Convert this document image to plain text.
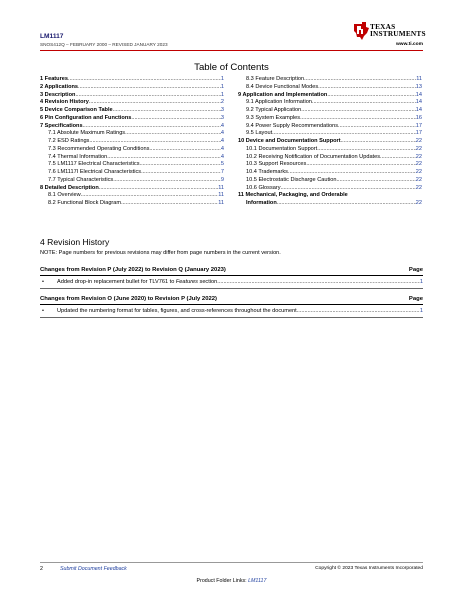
LM1117
SNOS412Q – FEBRUARY 2000 – REVISED JANUARY 2023
TEXAS
INSTRUMENTS
www.ti.com
Table of Contents
1 Features .....	1
2 Applications .....	1
3 Description .....	1
4 Revision History .....	2
5 Device Comparison Table .....	3
6 Pin Configuration and Functions .....	3
7 Specifications .....	4
7.1 Absolute Maximum Ratings .....	4
7.2 ESD Ratings .....	4
7.3 Recommended Operating Conditions .....	4
7.4 Thermal Information .....	4
7.5 LM1117 Electrical Characteristics .....	5
7.6 LM1117I Electrical Characteristics .....	7
7.7 Typical Characteristics .....	9
8 Detailed Description .....	11
8.1 Overview .....	11
8.2 Functional Block Diagram .....	11
8.3 Feature Description .....	11
8.4 Device Functional Modes .....	13
9 Application and Implementation .....	14
9.1 Application Information .....	14
9.2 Typical Application .....	14
9.3 System Examples .....	16
9.4 Power Supply Recommendations .....	17
9.5 Layout .....	17
10 Device and Documentation Support .....	22
10.1 Documentation Support .....	22
10.2 Receiving Notification of Documentation Updates .....	22
10.3 Support Resources .....	22
10.4 Trademarks .....	22
10.5 Electrostatic Discharge Caution .....	22
10.6 Glossary .....	22
11 Mechanical, Packaging, and Orderable
Information .....	22
4 Revision History
NOTE: Page numbers for previous revisions may differ from page numbers in the current version.
Changes from Revision P (July 2022) to Revision Q (January 2023)	Page
•	Added drop-in replacement bullet for TLV761 to Features section .....	1
Changes from Revision O (June 2020) to Revision P (July 2022)	Page
•	Updated the numbering format for tables, figures, and cross-references throughout the document .....	1
2	Submit Document Feedback	Copyright © 2023 Texas Instruments Incorporated
Product Folder Links: LM1117
